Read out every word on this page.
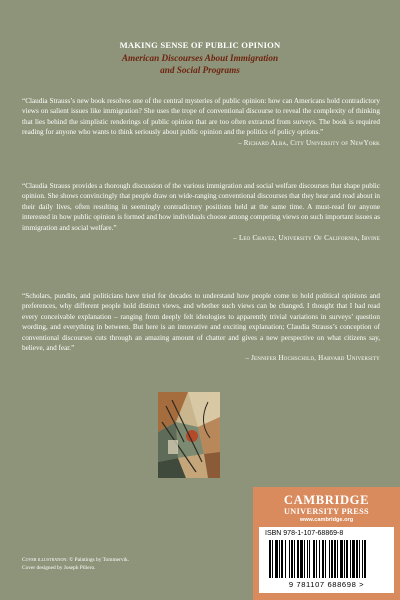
MAKING SENSE OF PUBLIC OPINION
American Discourses About Immigration
and Social Programs

“Claudia Strauss’s new book resolves one of the central mysteries of public opinion: how can Americans hold contradictory views on salient issues like immigration? She uses the trope of conventional discourse to reveal the complexity of thinking that lies behind the simplistic renderings of public opinion that are too often extracted from surveys. The book is required reading for anyone who wants to think seriously about public opinion and the politics of policy options.”

– Richard Alba, City University of NewYork

“Claudia Strauss provides a thorough discussion of the various immigration and social welfare discourses that shape public opinion. She shows convincingly that people draw on wide-ranging conventional discourses that they hear and read about in their daily lives, often resulting in seemingly contradictory positions held at the same time. A must-read for anyone interested in how public opinion is formed and how individuals choose among competing views on such important issues as immigration and social welfare.”

– Leo Chavez, University Of California, Irvine

“Scholars, pundits, and politicians have tried for decades to understand how people come to hold political opinions and preferences, why different people hold distinct views, and whether such views can be changed. I thought that I had read every conceivable explanation – ranging from deeply felt ideologies to apparently trivial variations in surveys’ question wording, and everything in between. But here is an innovative and exciting explanation; Claudia Strauss’s conception of conventional discourses cuts through an amazing amount of chatter and gives a new perspective on what citizens say, believe, and fear.”

– Jennifer Hochschild, Harvard University
Cover illustration: © Paintings by Tommervik.
Cover designed by Joseph Piliero.
CAMBRIDGE
UNIVERSITY PRESS
www.cambridge.org
ISBN 978-1-107-68869-8
9 781107 688698 >
